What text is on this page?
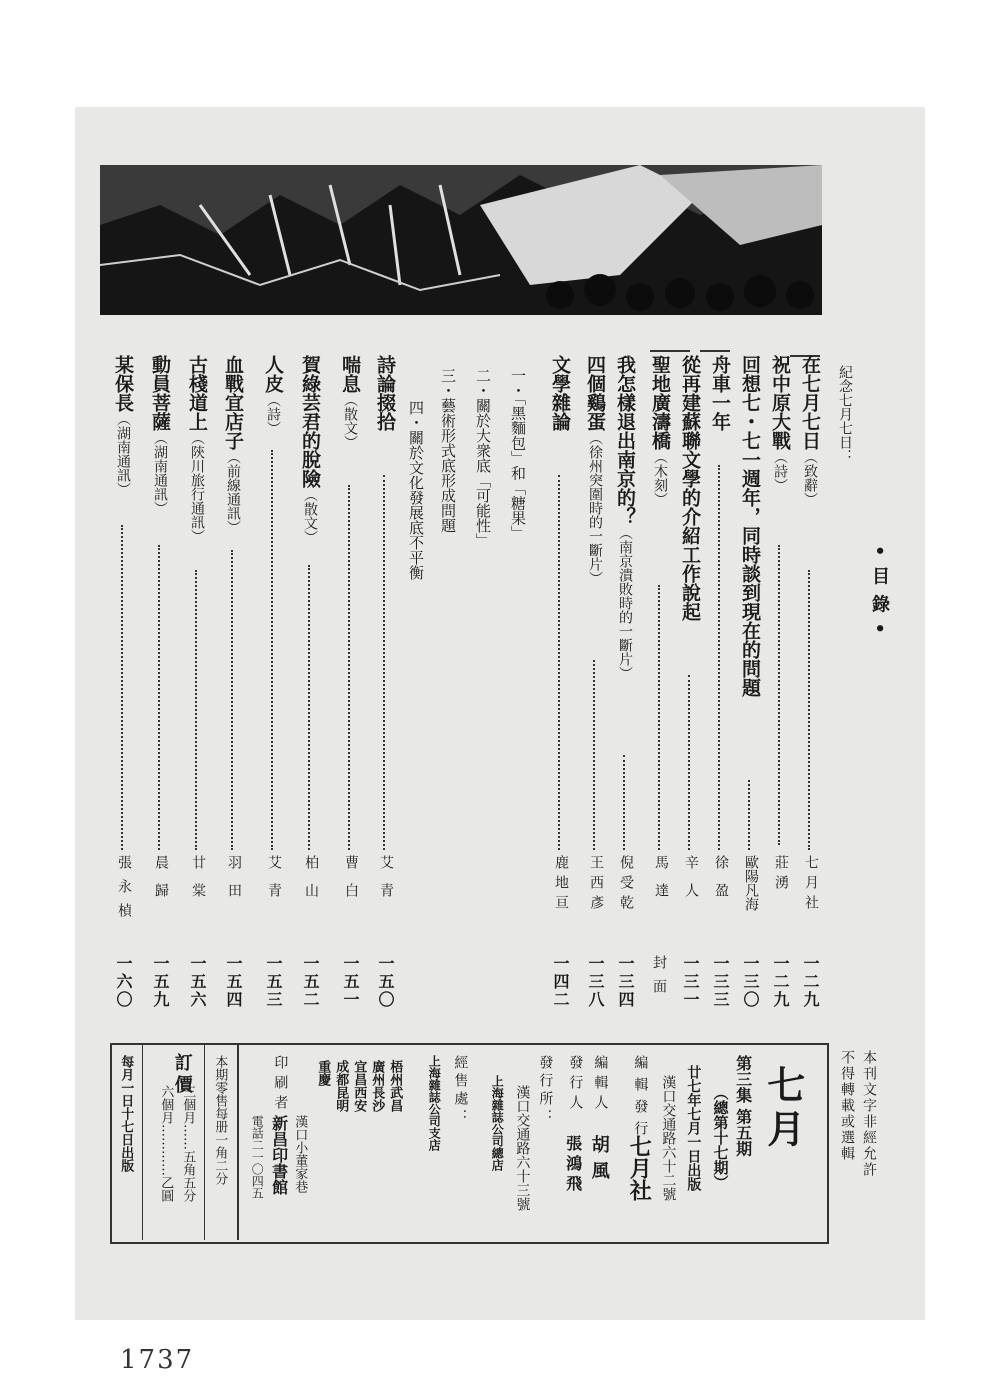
•目錄•
紀念七月七日：
在七月七日（致辭）
七月社
一二九
祝中原大戰（詩）
莊湧
一二九
回想七・七一週年，同時談到現在的問題
歐陽凡海
一三〇
舟車一年
徐盈
一三三
從再建蘇聯文學的介紹工作說起
辛人
一三一
聖地廣濤橋（木刻）
馬達
封面
我怎樣退出南京的？（南京潰敗時的一斷片）
倪受乾
一三四
四個鷄蛋（徐州突圍時的一斷片）
王西彥
一三八
文學雜論
鹿地亘
一四二
一・「黑麵包」和「糖果」
二・關於大衆底「可能性」
三・藝術形式底形成問題
四・關於文化發展底不平衡
詩論掇拾
艾青
一五〇
喘息（散文）
曹白
一五一
賀綠芸君的脫險（散文）
柏山
一五二
人皮（詩）
艾青
一五三
血戰宜店子（前線通訊）
羽田
一五四
古棧道上（陝川旅行通訊）
廿棠
一五六
動員菩薩（湖南通訊）
晨歸
一五九
某保長（湖南通訊）
張永楨
一六〇
本刊文字非經允許
不得轉載或選輯
七月
第三集 第五期
（總第十七期）
廿七年七月一日出版
編輯發行 漢口交通路六十二號
七月社
編輯人
胡風
發行人
張鴻飛
發行所：
上海雜誌公司總店 漢口交通路六十三號
經售處：
上海雜誌公司支店
梧州武昌
廣州長沙
宜昌西安
成都昆明
重慶
印刷者
漢口小董家巷
新昌印書館
電話二一〇四五
本期零售每册一角二分
訂價
三個月……五角五分
六個月…………乙圓
每月一日十七日出版
1737
